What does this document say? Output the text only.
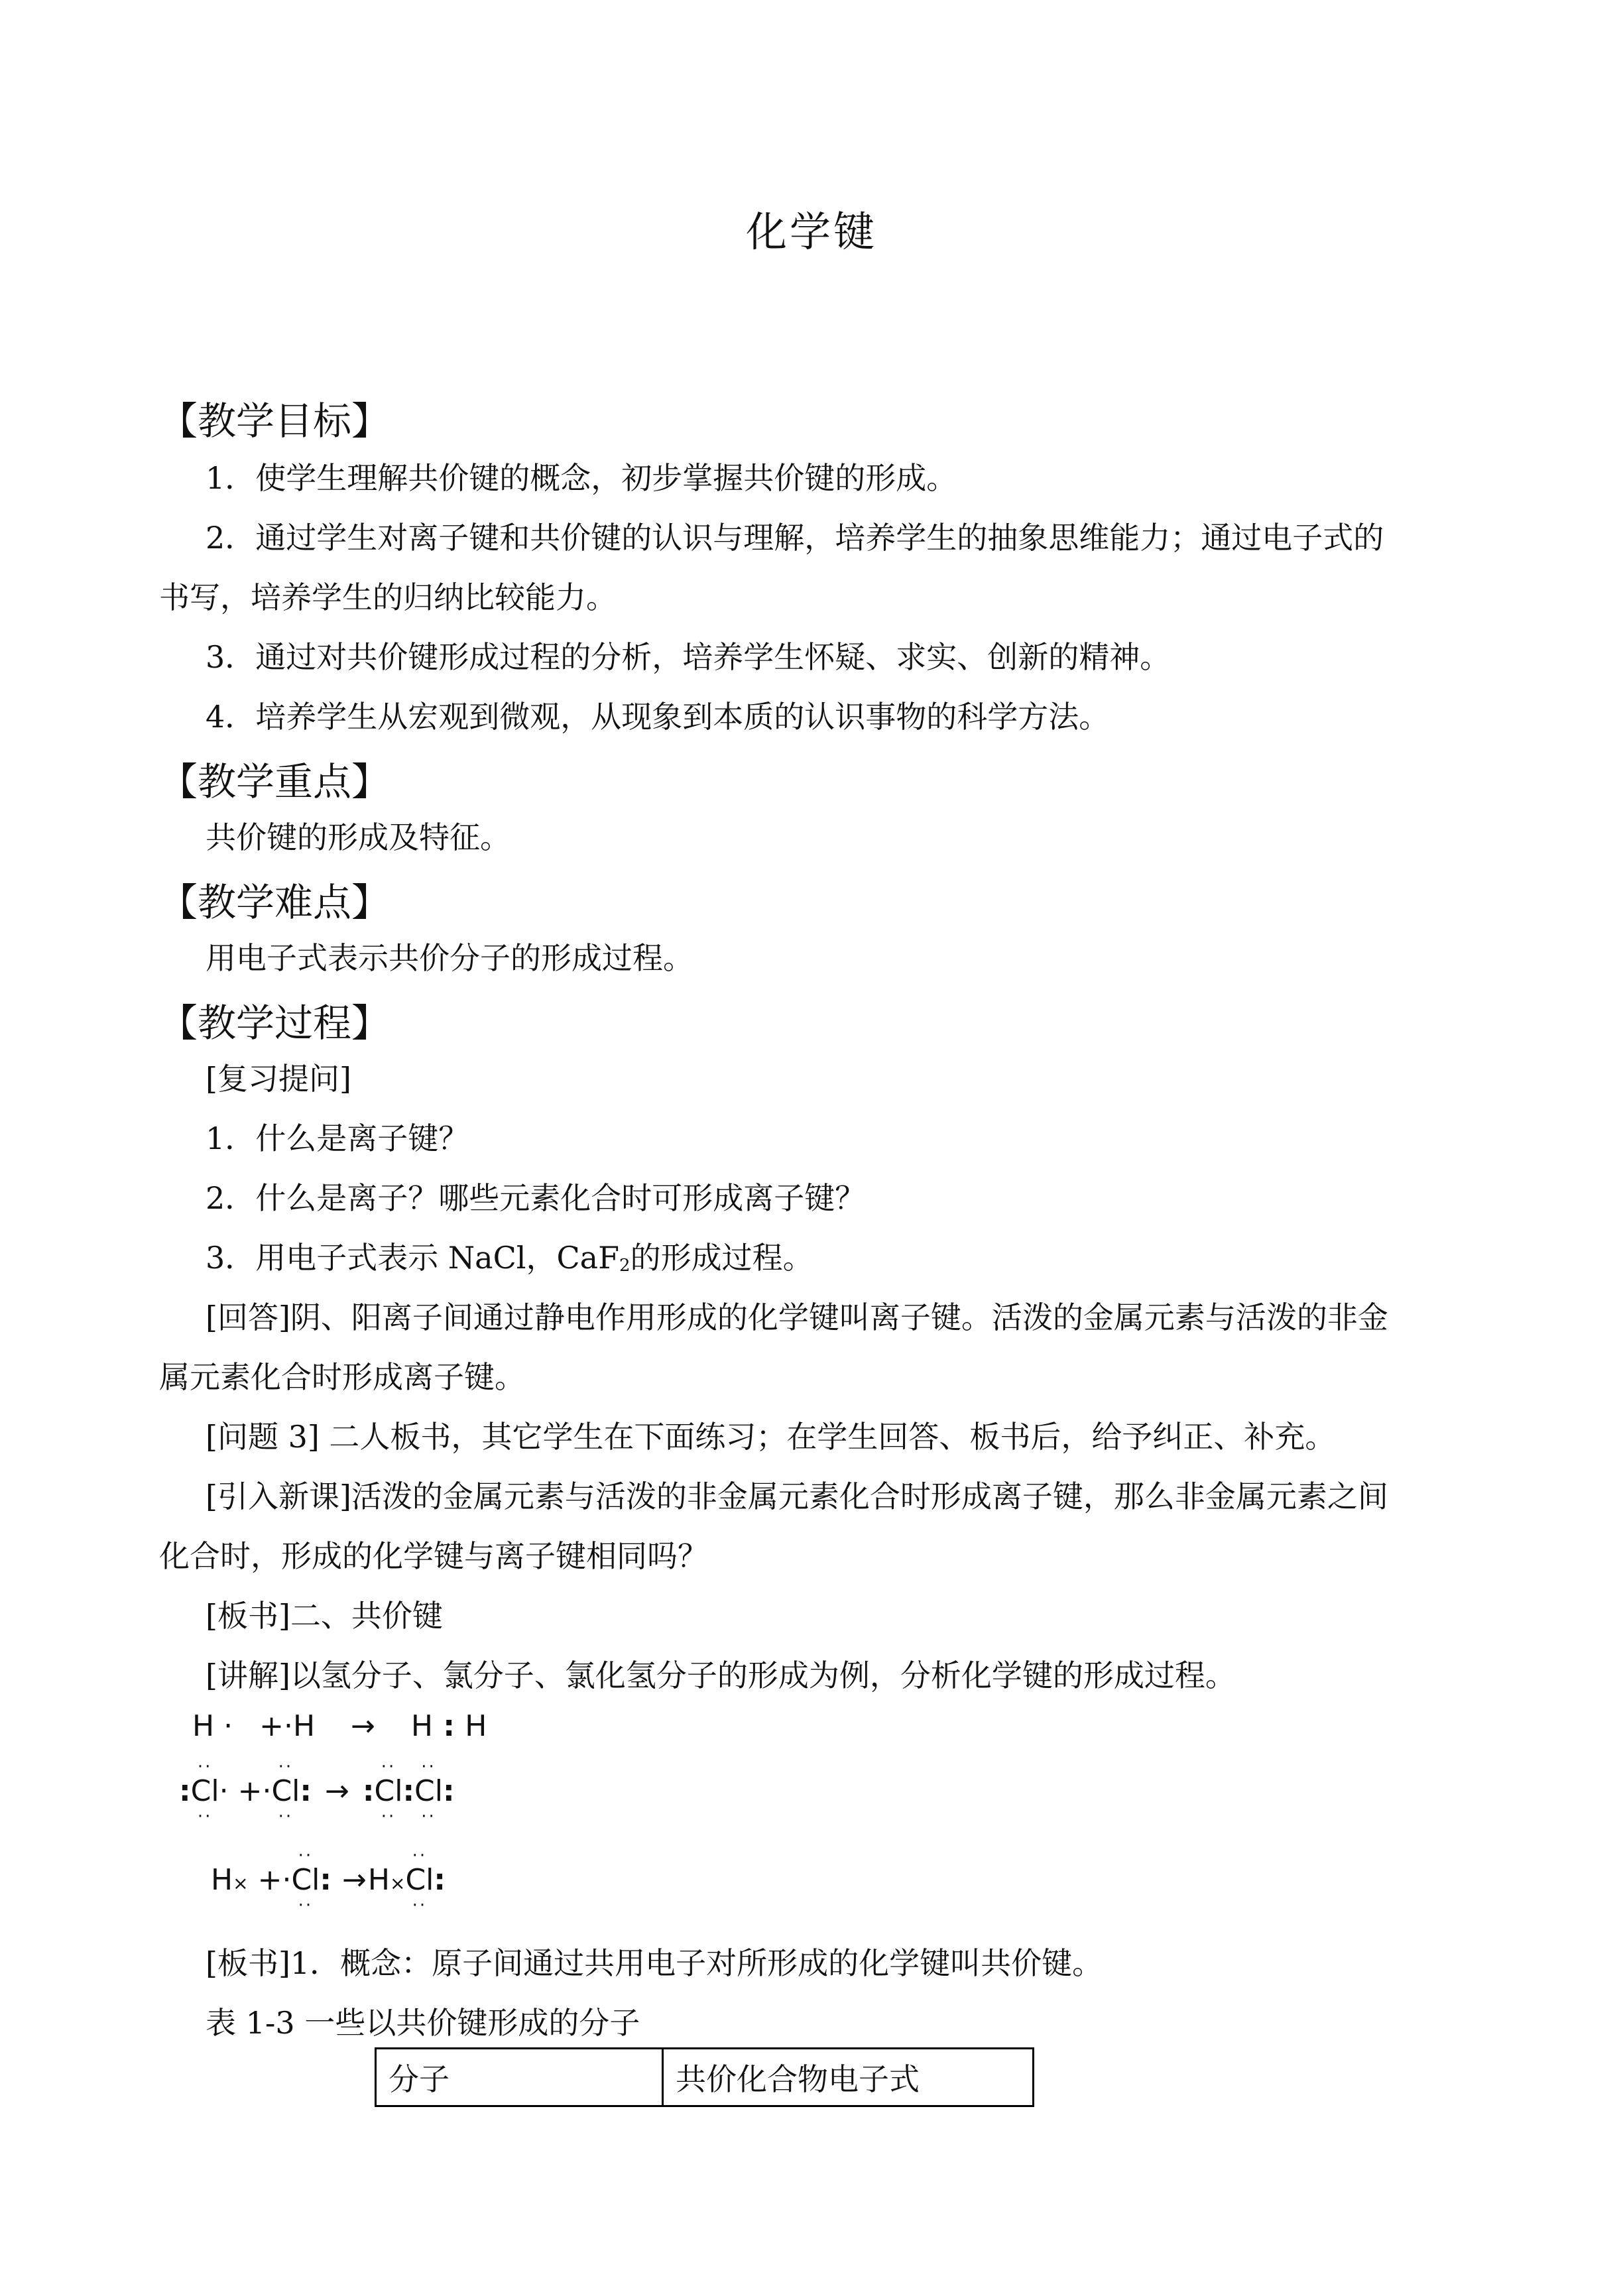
化学键
【教学目标】
1．使学生理解共价键的概念，初步掌握共价键的形成。
2．通过学生对离子键和共价键的认识与理解，培养学生的抽象思维能力；通过电子式的
书写，培养学生的归纳比较能力。
3．通过对共价键形成过程的分析，培养学生怀疑、求实、创新的精神。
4．培养学生从宏观到微观，从现象到本质的认识事物的科学方法。
【教学重点】
共价键的形成及特征。
【教学难点】
用电子式表示共价分子的形成过程。
【教学过程】
[复习提问]
1．什么是离子键？
2．什么是离子？哪些元素化合时可形成离子键？
3．用电子式表示 NaCl，CaF$_2$的形成过程。
[回答]阴、阳离子间通过静电作用形成的化学键叫离子键。活泼的金属元素与活泼的非金
属元素化合时形成离子键。
[问题 3] 二人板书，其它学生在下面练习；在学生回答、板书后，给予纠正、补充。
[引入新课]活泼的金属元素与活泼的非金属元素化合时形成离子键，那么非金属元素之间
化合时，形成的化学键与离子键相同吗？
[板书]二、共价键
[讲解]以氢分子、氯分子、氯化氢分子的形成为例，分析化学键的形成过程。
H · +·H → H : H
:
··
Cl
··
· +·
··
Cl
··
: → :
··
Cl
··
:
··
Cl
··
:
H× +·
··
Cl
··
: →H×
··
Cl
··
:
[板书]1．概念：原子间通过共用电子对所形成的化学键叫共价键。
表 1-3 一些以共价键形成的分子
分子	共价化合物电子式
